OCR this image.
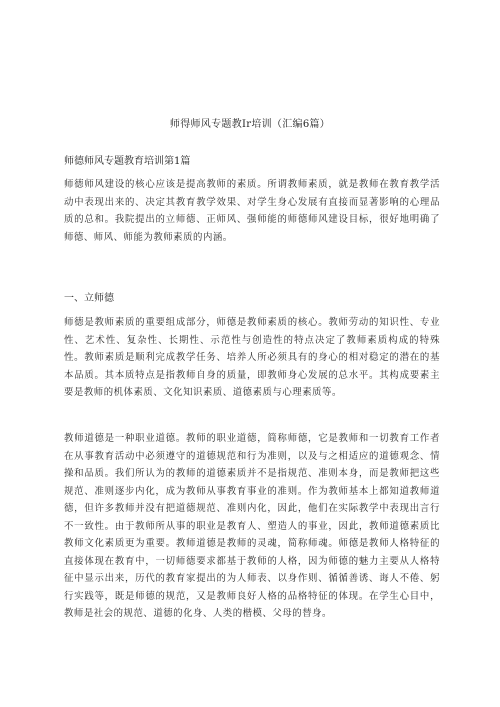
师得师风专题教Ir培训（汇编6篇）
师德师风专题教育培训第1篇

师德师风建设的核心应该是提高教师的素质。所谓教师素质，就是教师在教育教学活动中表现出来的、决定其教育教学效果、对学生身心发展有直接而显著影响的心理品质的总和。我院提出的立师德、正师风、强师能的师德师风建设目标，很好地明确了师德、师风、师能为教师素质的内涵。

一、立师德

师德是教师素质的重要组成部分，师德是教师素质的核心。教师劳动的知识性、专业性、艺术性、复杂性、长期性、示范性与创造性的特点决定了教师素质构成的特殊性。教师素质是顺利完成教学任务、培养人所必须具有的身心的相对稳定的潜在的基本品质。其本质特点是指教师自身的质量，即教师身心发展的总水平。其构成要素主要是教师的机体素质、文化知识素质、道德素质与心理素质等。

教师道德是一种职业道德。教师的职业道德，简称师德，它是教师和一切教育工作者在从事教育活动中必须遵守的道德规范和行为准则，以及与之相适应的道德观念、情操和品质。我们所认为的教师的道德素质并不是指规范、准则本身，而是教师把这些规范、准则逐步内化，成为教师从事教育事业的准则。作为教师基本上都知道教师道德，但许多教师并没有把道德规范、准则内化，因此，他们在实际教学中表现出言行不一致性。由于教师所从事的职业是教育人、塑造人的事业，因此，教师道德素质比教师文化素质更为重要。教师道德是教师的灵魂，简称师魂。师德是教师人格特征的直接体现在教育中，一切师德要求都基于教师的人格，因为师德的魅力主要从人格特征中显示出来，历代的教育家提出的为人师表、以身作则、循循善诱、诲人不倦、躬行实践等，既是师德的规范，又是教师良好人格的品格特征的体现。在学生心目中，教师是社会的规范、道德的化身、人类的楷模、父母的替身。
